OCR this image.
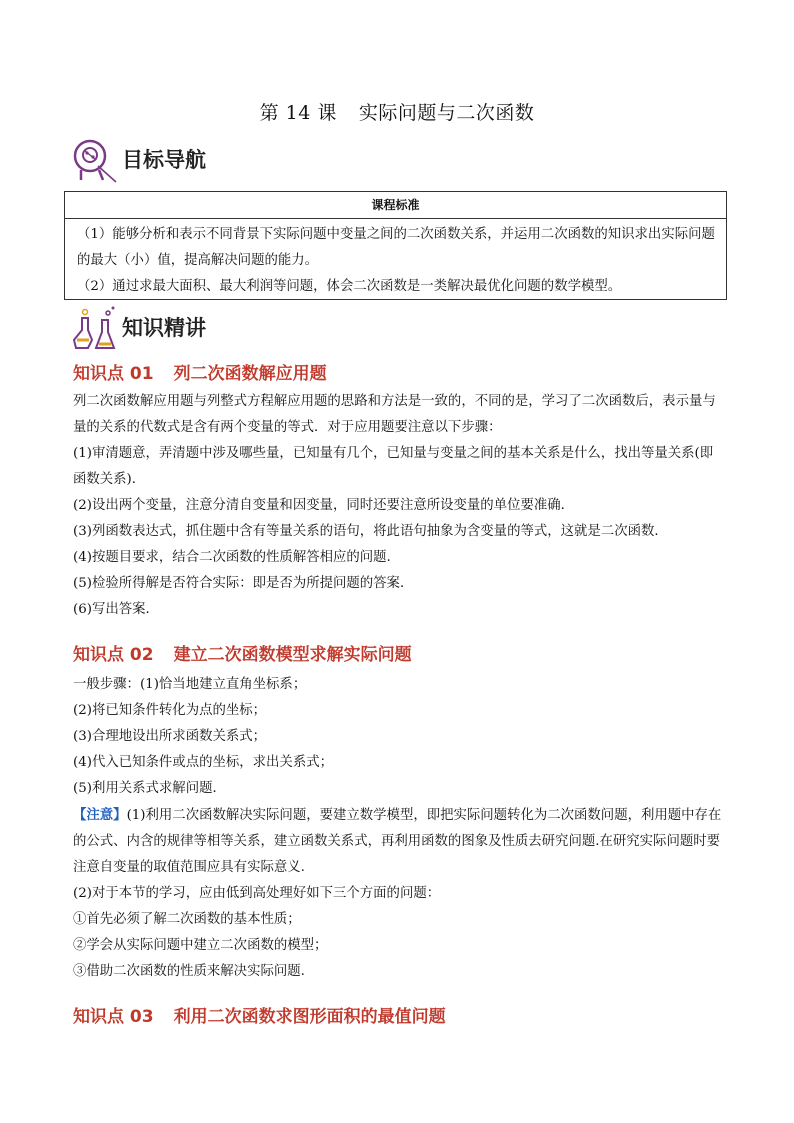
第 14 课 实际问题与二次函数
目标导航
课程标准

（1）能够分析和表示不同背景下实际问题中变量之间的二次函数关系，并运用二次函数的知识求出实际问题的最大（小）值，提高解决问题的能力。

（2）通过求最大面积、最大利润等问题，体会二次函数是一类解决最优化问题的数学模型。

知识精讲
知识点 01 列二次函数解应用题

列二次函数解应用题与列整式方程解应用题的思路和方法是一致的，不同的是，学习了二次函数后，表示量与量的关系的代数式是含有两个变量的等式．对于应用题要注意以下步骤：

(1)审清题意，弄清题中涉及哪些量，已知量有几个，已知量与变量之间的基本关系是什么，找出等量关系(即函数关系)．

(2)设出两个变量，注意分清自变量和因变量，同时还要注意所设变量的单位要准确．

(3)列函数表达式，抓住题中含有等量关系的语句，将此语句抽象为含变量的等式，这就是二次函数．

(4)按题目要求，结合二次函数的性质解答相应的问题.

(5)检验所得解是否符合实际：即是否为所提问题的答案．

(6)写出答案．

知识点 02 建立二次函数模型求解实际问题

一般步骤：(1)恰当地建立直角坐标系；

(2)将已知条件转化为点的坐标；

(3)合理地设出所求函数关系式；

(4)代入已知条件或点的坐标，求出关系式；

(5)利用关系式求解问题．

【注意】(1)利用二次函数解决实际问题，要建立数学模型，即把实际问题转化为二次函数问题，利用题中存在的公式、内含的规律等相等关系，建立函数关系式，再利用函数的图象及性质去研究问题.在研究实际问题时要注意自变量的取值范围应具有实际意义.

(2)对于本节的学习，应由低到高处理好如下三个方面的问题：

①首先必须了解二次函数的基本性质；

②学会从实际问题中建立二次函数的模型；

③借助二次函数的性质来解决实际问题.

知识点 03 利用二次函数求图形面积的最值问题
